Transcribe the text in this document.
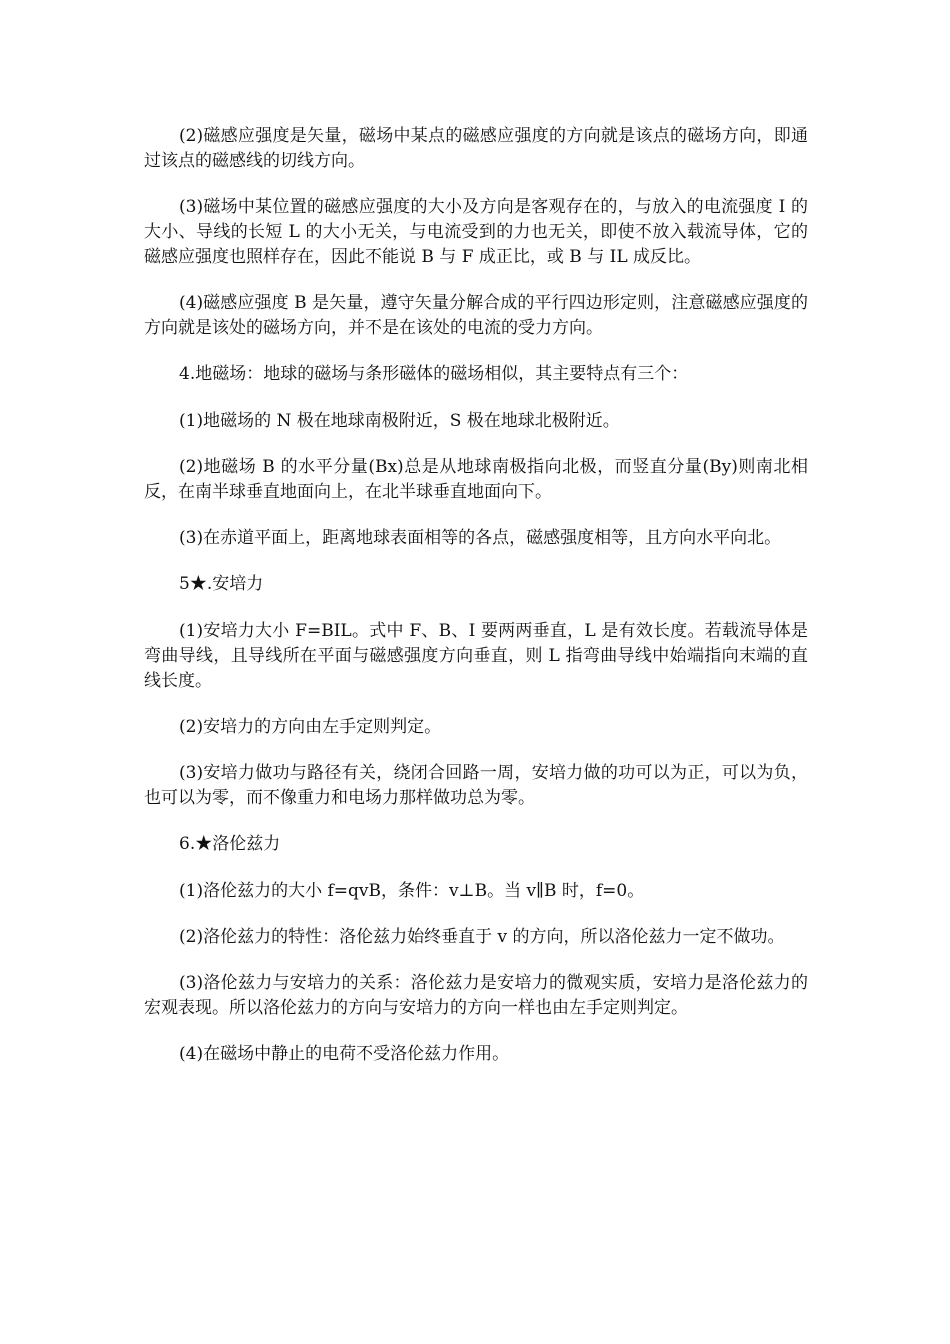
(2)磁感应强度是矢量，磁场中某点的磁感应强度的方向就是该点的磁场方向，即通过该点的磁感线的切线方向。

(3)磁场中某位置的磁感应强度的大小及方向是客观存在的，与放入的电流强度 I 的大小、导线的长短 L 的大小无关，与电流受到的力也无关，即使不放入载流导体，它的磁感应强度也照样存在，因此不能说 B 与 F 成正比，或 B 与 IL 成反比。

(4)磁感应强度 B 是矢量，遵守矢量分解合成的平行四边形定则，注意磁感应强度的方向就是该处的磁场方向，并不是在该处的电流的受力方向。

4.地磁场：地球的磁场与条形磁体的磁场相似，其主要特点有三个：

(1)地磁场的 N 极在地球南极附近，S 极在地球北极附近。

(2)地磁场 B 的水平分量(Bx)总是从地球南极指向北极，而竖直分量(By)则南北相反，在南半球垂直地面向上，在北半球垂直地面向下。

(3)在赤道平面上，距离地球表面相等的各点，磁感强度相等，且方向水平向北。

5★.安培力

(1)安培力大小 F=BIL。式中 F、B、I 要两两垂直，L 是有效长度。若载流导体是弯曲导线，且导线所在平面与磁感强度方向垂直，则 L 指弯曲导线中始端指向末端的直线长度。

(2)安培力的方向由左手定则判定。

(3)安培力做功与路径有关，绕闭合回路一周，安培力做的功可以为正，可以为负，也可以为零，而不像重力和电场力那样做功总为零。

6.★洛伦兹力

(1)洛伦兹力的大小 f=qvB，条件：v⊥B。当 v∥B 时，f=0。

(2)洛伦兹力的特性：洛伦兹力始终垂直于 v 的方向，所以洛伦兹力一定不做功。

(3)洛伦兹力与安培力的关系：洛伦兹力是安培力的微观实质，安培力是洛伦兹力的宏观表现。所以洛伦兹力的方向与安培力的方向一样也由左手定则判定。

(4)在磁场中静止的电荷不受洛伦兹力作用。
